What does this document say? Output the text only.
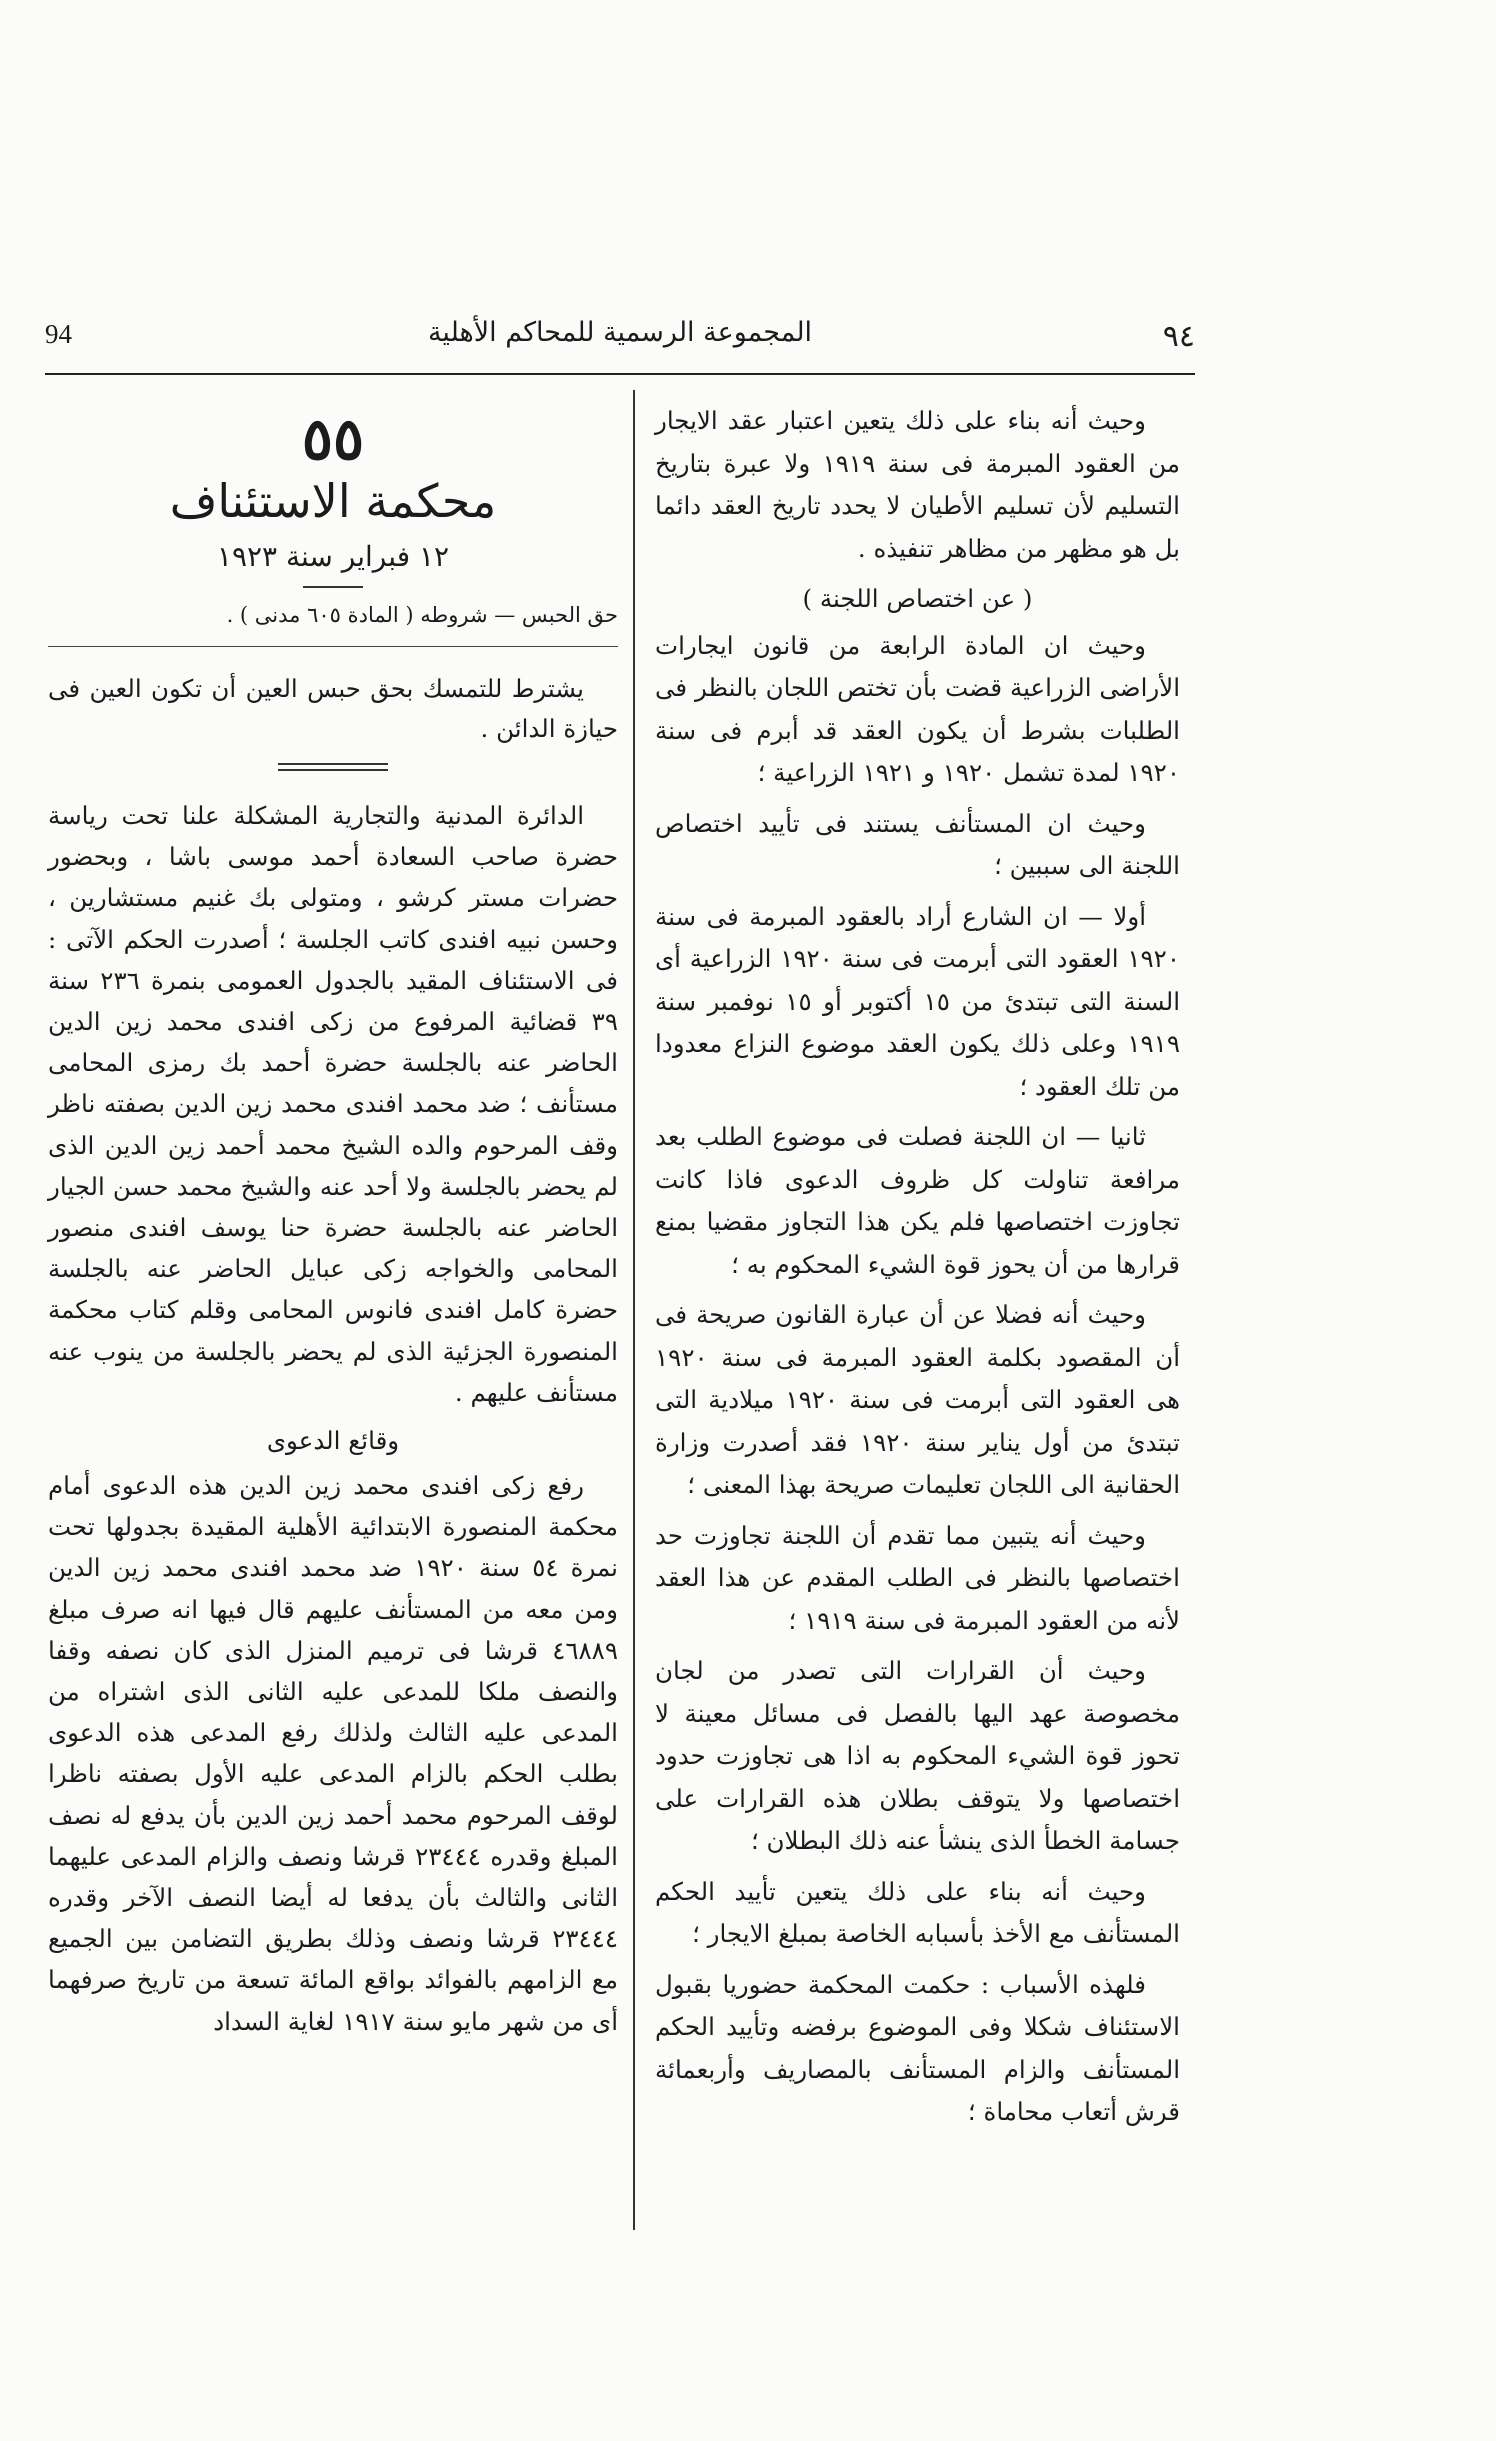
94	المجموعة الرسمية للمحاكم الأهلية	٩٤

وحيث أنه بناء على ذلك يتعين اعتبار عقد الايجار من العقود المبرمة فى سنة ١٩١٩ ولا عبرة بتاريخ التسليم لأن تسليم الأطيان لا يحدد تاريخ العقد دائما بل هو مظهر من مظاهر تنفيذه .

( عن اختصاص اللجنة )

وحيث ان المادة الرابعة من قانون ايجارات الأراضى الزراعية قضت بأن تختص اللجان بالنظر فى الطلبات بشرط أن يكون العقد قد أبرم فى سنة ١٩٢٠ لمدة تشمل ١٩٢٠ و ١٩٢١ الزراعية ؛

وحيث ان المستأنف يستند فى تأييد اختصاص اللجنة الى سببين ؛

أولا — ان الشارع أراد بالعقود المبرمة فى سنة ١٩٢٠ العقود التى أبرمت فى سنة ١٩٢٠ الزراعية أى السنة التى تبتدئ من ١٥ أكتوبر أو ١٥ نوفمبر سنة ١٩١٩ وعلى ذلك يكون العقد موضوع النزاع معدودا من تلك العقود ؛

ثانيا — ان اللجنة فصلت فى موضوع الطلب بعد مرافعة تناولت كل ظروف الدعوى فاذا كانت تجاوزت اختصاصها فلم يكن هذا التجاوز مقضيا بمنع قرارها من أن يحوز قوة الشيء المحكوم به ؛

وحيث أنه فضلا عن أن عبارة القانون صريحة فى أن المقصود بكلمة العقود المبرمة فى سنة ١٩٢٠ هى العقود التى أبرمت فى سنة ١٩٢٠ ميلادية التى تبتدئ من أول يناير سنة ١٩٢٠ فقد أصدرت وزارة الحقانية الى اللجان تعليمات صريحة بهذا المعنى ؛

وحيث أنه يتبين مما تقدم أن اللجنة تجاوزت حد اختصاصها بالنظر فى الطلب المقدم عن هذا العقد لأنه من العقود المبرمة فى سنة ١٩١٩ ؛

وحيث أن القرارات التى تصدر من لجان مخصوصة عهد اليها بالفصل فى مسائل معينة لا تحوز قوة الشيء المحكوم به اذا هى تجاوزت حدود اختصاصها ولا يتوقف بطلان هذه القرارات على جسامة الخطأ الذى ينشأ عنه ذلك البطلان ؛

وحيث أنه بناء على ذلك يتعين تأييد الحكم المستأنف مع الأخذ بأسبابه الخاصة بمبلغ الايجار ؛

فلهذه الأسباب : حكمت المحكمة حضوريا بقبول الاستئناف شكلا وفى الموضوع برفضه وتأييد الحكم المستأنف والزام المستأنف بالمصاريف وأربعمائة قرش أتعاب محاماة ؛

٥٥

محكمة الاستئناف

١٢ فبراير سنة ١٩٢٣

حق الحبس — شروطه ( المادة ٦٠٥ مدنى ) .

يشترط للتمسك بحق حبس العين أن تكون العين فى حيازة الدائن .

الدائرة المدنية والتجارية المشكلة علنا تحت رياسة حضرة صاحب السعادة أحمد موسى باشا ، وبحضور حضرات مستر كرشو ، ومتولى بك غنيم مستشارين ، وحسن نبيه افندى كاتب الجلسة ؛ أصدرت الحكم الآتى : فى الاستئناف المقيد بالجدول العمومى بنمرة ٢٣٦ سنة ٣٩ قضائية المرفوع من زكى افندى محمد زين الدين الحاضر عنه بالجلسة حضرة أحمد بك رمزى المحامى مستأنف ؛ ضد محمد افندى محمد زين الدين بصفته ناظر وقف المرحوم والده الشيخ محمد أحمد زين الدين الذى لم يحضر بالجلسة ولا أحد عنه والشيخ محمد حسن الجيار الحاضر عنه بالجلسة حضرة حنا يوسف افندى منصور المحامى والخواجه زكى عبايل الحاضر عنه بالجلسة حضرة كامل افندى فانوس المحامى وقلم كتاب محكمة المنصورة الجزئية الذى لم يحضر بالجلسة من ينوب عنه مستأنف عليهم .

وقائع الدعوى

رفع زكى افندى محمد زين الدين هذه الدعوى أمام محكمة المنصورة الابتدائية الأهلية المقيدة بجدولها تحت نمرة ٥٤ سنة ١٩٢٠ ضد محمد افندى محمد زين الدين ومن معه من المستأنف عليهم قال فيها انه صرف مبلغ ٤٦٨٨٩ قرشا فى ترميم المنزل الذى كان نصفه وقفا والنصف ملكا للمدعى عليه الثانى الذى اشتراه من المدعى عليه الثالث ولذلك رفع المدعى هذه الدعوى بطلب الحكم بالزام المدعى عليه الأول بصفته ناظرا لوقف المرحوم محمد أحمد زين الدين بأن يدفع له نصف المبلغ وقدره ٢٣٤٤٤ قرشا ونصف والزام المدعى عليهما الثانى والثالث بأن يدفعا له أيضا النصف الآخر وقدره ٢٣٤٤٤ قرشا ونصف وذلك بطريق التضامن بين الجميع مع الزامهم بالفوائد بواقع المائة تسعة من تاريخ صرفهما أى من شهر مايو سنة ١٩١٧ لغاية السداد
